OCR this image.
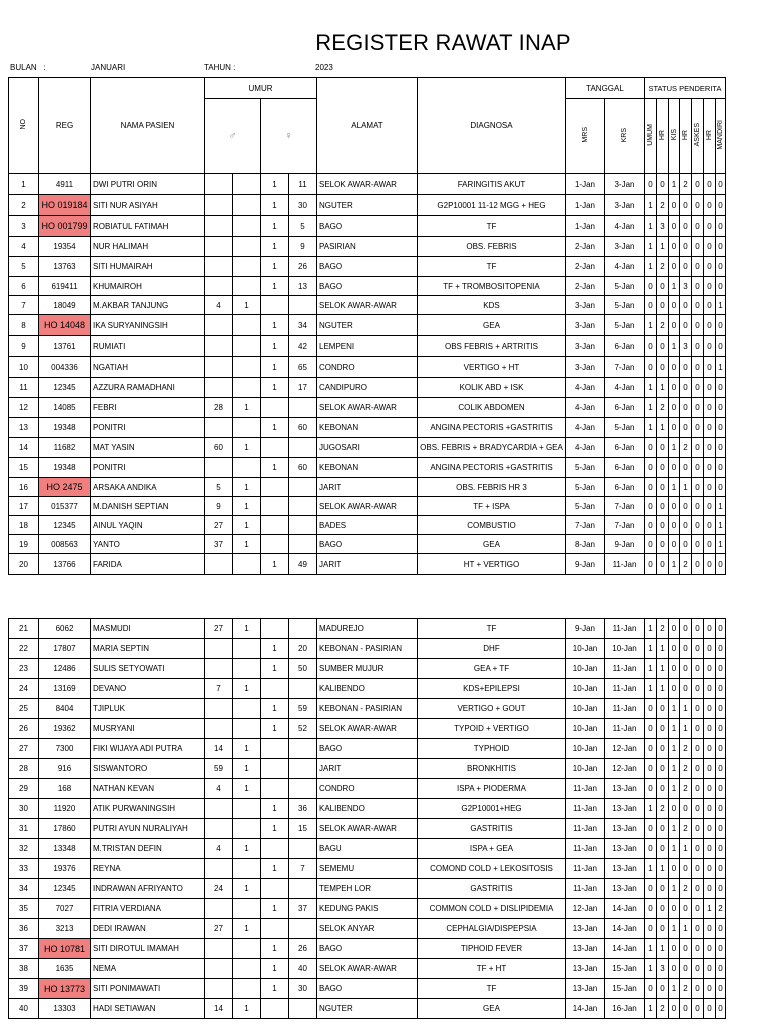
REGISTER RAWAT INAP
BULAN   :	JANUARI	TAHUN :	2023
NO	REG	NAMA PASIEN	UMUR				ALAMAT	DIAGNOSA	TANGGAL		STATUS PENDERITA						
			♂		♀				MRS	KRS	UMUM	HR	KIS	HR	ASKES	HR	MANDIRI
1	4911	DWI PUTRI ORIN			1	11	SELOK AWAR-AWAR	FARINGITIS AKUT	1-Jan	3-Jan	0	0	1	2	0	0	0
2	HO 019184	SITI NUR ASIYAH			1	30	NGUTER	G2P10001 11-12 MGG + HEG	1-Jan	3-Jan	1	2	0	0	0	0	0
3	HO 001799	ROBIATUL FATIMAH			1	5	BAGO	TF	1-Jan	4-Jan	1	3	0	0	0	0	0
4	19354	NUR HALIMAH			1	9	PASIRIAN	OBS. FEBRIS	2-Jan	3-Jan	1	1	0	0	0	0	0
5	13763	SITI HUMAIRAH			1	26	BAGO	TF	2-Jan	4-Jan	1	2	0	0	0	0	0
6	619411	KHUMAIROH			1	13	BAGO	TF + TROMBOSITOPENIA	2-Jan	5-Jan	0	0	1	3	0	0	0
7	18049	M.AKBAR TANJUNG	4	1			SELOK AWAR-AWAR	KDS	3-Jan	5-Jan	0	0	0	0	0	0	1
8	HO 14048	IKA SURYANINGSIH			1	34	NGUTER	GEA	3-Jan	5-Jan	1	2	0	0	0	0	0
9	13761	RUMIATI			1	42	LEMPENI	OBS FEBRIS + ARTRITIS	3-Jan	6-Jan	0	0	1	3	0	0	0
10	004336	NGATIAH			1	65	CONDRO	VERTIGO + HT	3-Jan	7-Jan	0	0	0	0	0	0	1
11	12345	AZZURA RAMADHANI			1	17	CANDIPURO	KOLIK ABD + ISK	4-Jan	4-Jan	1	1	0	0	0	0	0
12	14085	FEBRI	28	1			SELOK AWAR-AWAR	COLIK ABDOMEN	4-Jan	6-Jan	1	2	0	0	0	0	0
13	19348	PONITRI			1	60	KEBONAN	ANGINA PECTORIS +GASTRITIS	4-Jan	5-Jan	1	1	0	0	0	0	0
14	11682	MAT YASIN	60	1			JUGOSARI	OBS. FEBRIS + BRADYCARDIA + GEA	4-Jan	6-Jan	0	0	1	2	0	0	0
15	19348	PONITRI			1	60	KEBONAN	ANGINA PECTORIS +GASTRITIS	5-Jan	6-Jan	0	0	0	0	0	0	0
16	HO 2475	ARSAKA ANDIKA	5	1			JARIT	OBS. FEBRIS HR 3	5-Jan	6-Jan	0	0	1	1	0	0	0
17	015377	M.DANISH SEPTIAN	9	1			SELOK AWAR-AWAR	TF + ISPA	5-Jan	7-Jan	0	0	0	0	0	0	1
18	12345	AINUL YAQIN	27	1			BADES	COMBUSTIO	7-Jan	7-Jan	0	0	0	0	0	0	1
19	008563	YANTO	37	1			BAGO	GEA	8-Jan	9-Jan	0	0	0	0	0	0	1
20	13766	FARIDA			1	49	JARIT	HT + VERTIGO	9-Jan	11-Jan	0	0	1	2	0	0	0
21	6062	MASMUDI	27	1			MADUREJO	TF	9-Jan	11-Jan	1	2	0	0	0	0	0
22	17807	MARIA SEPTIN			1	20	KEBONAN - PASIRIAN	DHF	10-Jan	10-Jan	1	1	0	0	0	0	0
23	12486	SULIS SETYOWATI			1	50	SUMBER MUJUR	GEA + TF	10-Jan	11-Jan	1	1	0	0	0	0	0
24	13169	DEVANO	7	1			KALIBENDO	KDS+EPILEPSI	10-Jan	11-Jan	1	1	0	0	0	0	0
25	8404	TJIPLUK			1	59	KEBONAN - PASIRIAN	VERTIGO + GOUT	10-Jan	11-Jan	0	0	1	1	0	0	0
26	19362	MUSRYANI			1	52	SELOK AWAR-AWAR	TYPOID + VERTIGO	10-Jan	11-Jan	0	0	1	1	0	0	0
27	7300	FIKI WIJAYA ADI PUTRA	14	1			BAGO	TYPHOID	10-Jan	12-Jan	0	0	1	2	0	0	0
28	916	SISWANTORO	59	1			JARIT	BRONKHITIS	10-Jan	12-Jan	0	0	1	2	0	0	0
29	168	NATHAN KEVAN	4	1			CONDRO	ISPA + PIODERMA	11-Jan	13-Jan	0	0	1	2	0	0	0
30	11920	ATIK PURWANINGSIH			1	36	KALIBENDO	G2P10001+HEG	11-Jan	13-Jan	1	2	0	0	0	0	0
31	17860	PUTRI AYUN NURALIYAH			1	15	SELOK AWAR-AWAR	GASTRITIS	11-Jan	13-Jan	0	0	1	2	0	0	0
32	13348	M.TRISTAN DEFIN	4	1			BAGU	ISPA + GEA	11-Jan	13-Jan	0	0	1	1	0	0	0
33	19376	REYNA			1	7	SEMEMU	COMOND COLD + LEKOSITOSIS	11-Jan	13-Jan	1	1	0	0	0	0	0
34	12345	INDRAWAN AFRIYANTO	24	1			TEMPEH LOR	GASTRITIS	11-Jan	13-Jan	0	0	1	2	0	0	0
35	7027	FITRIA VERDIANA			1	37	KEDUNG PAKIS	COMMON COLD + DISLIPIDEMIA	12-Jan	14-Jan	0	0	0	0	0	1	2
36	3213	DEDI IRAWAN	27	1			SELOK ANYAR	CEPHALGIA/DISPEPSIA	13-Jan	14-Jan	0	0	1	1	0	0	0
37	HO 10781	SITI DIROTUL IMAMAH			1	26	BAGO	TIPHOID FEVER	13-Jan	14-Jan	1	1	0	0	0	0	0
38	1635	NEMA			1	40	SELOK AWAR-AWAR	TF + HT	13-Jan	15-Jan	1	3	0	0	0	0	0
39	HO 13773	SITI PONIMAWATI			1	30	BAGO	TF	13-Jan	15-Jan	0	0	1	2	0	0	0
40	13303	HADI SETIAWAN	14	1			NGUTER	GEA	14-Jan	16-Jan	1	2	0	0	0	0	0
